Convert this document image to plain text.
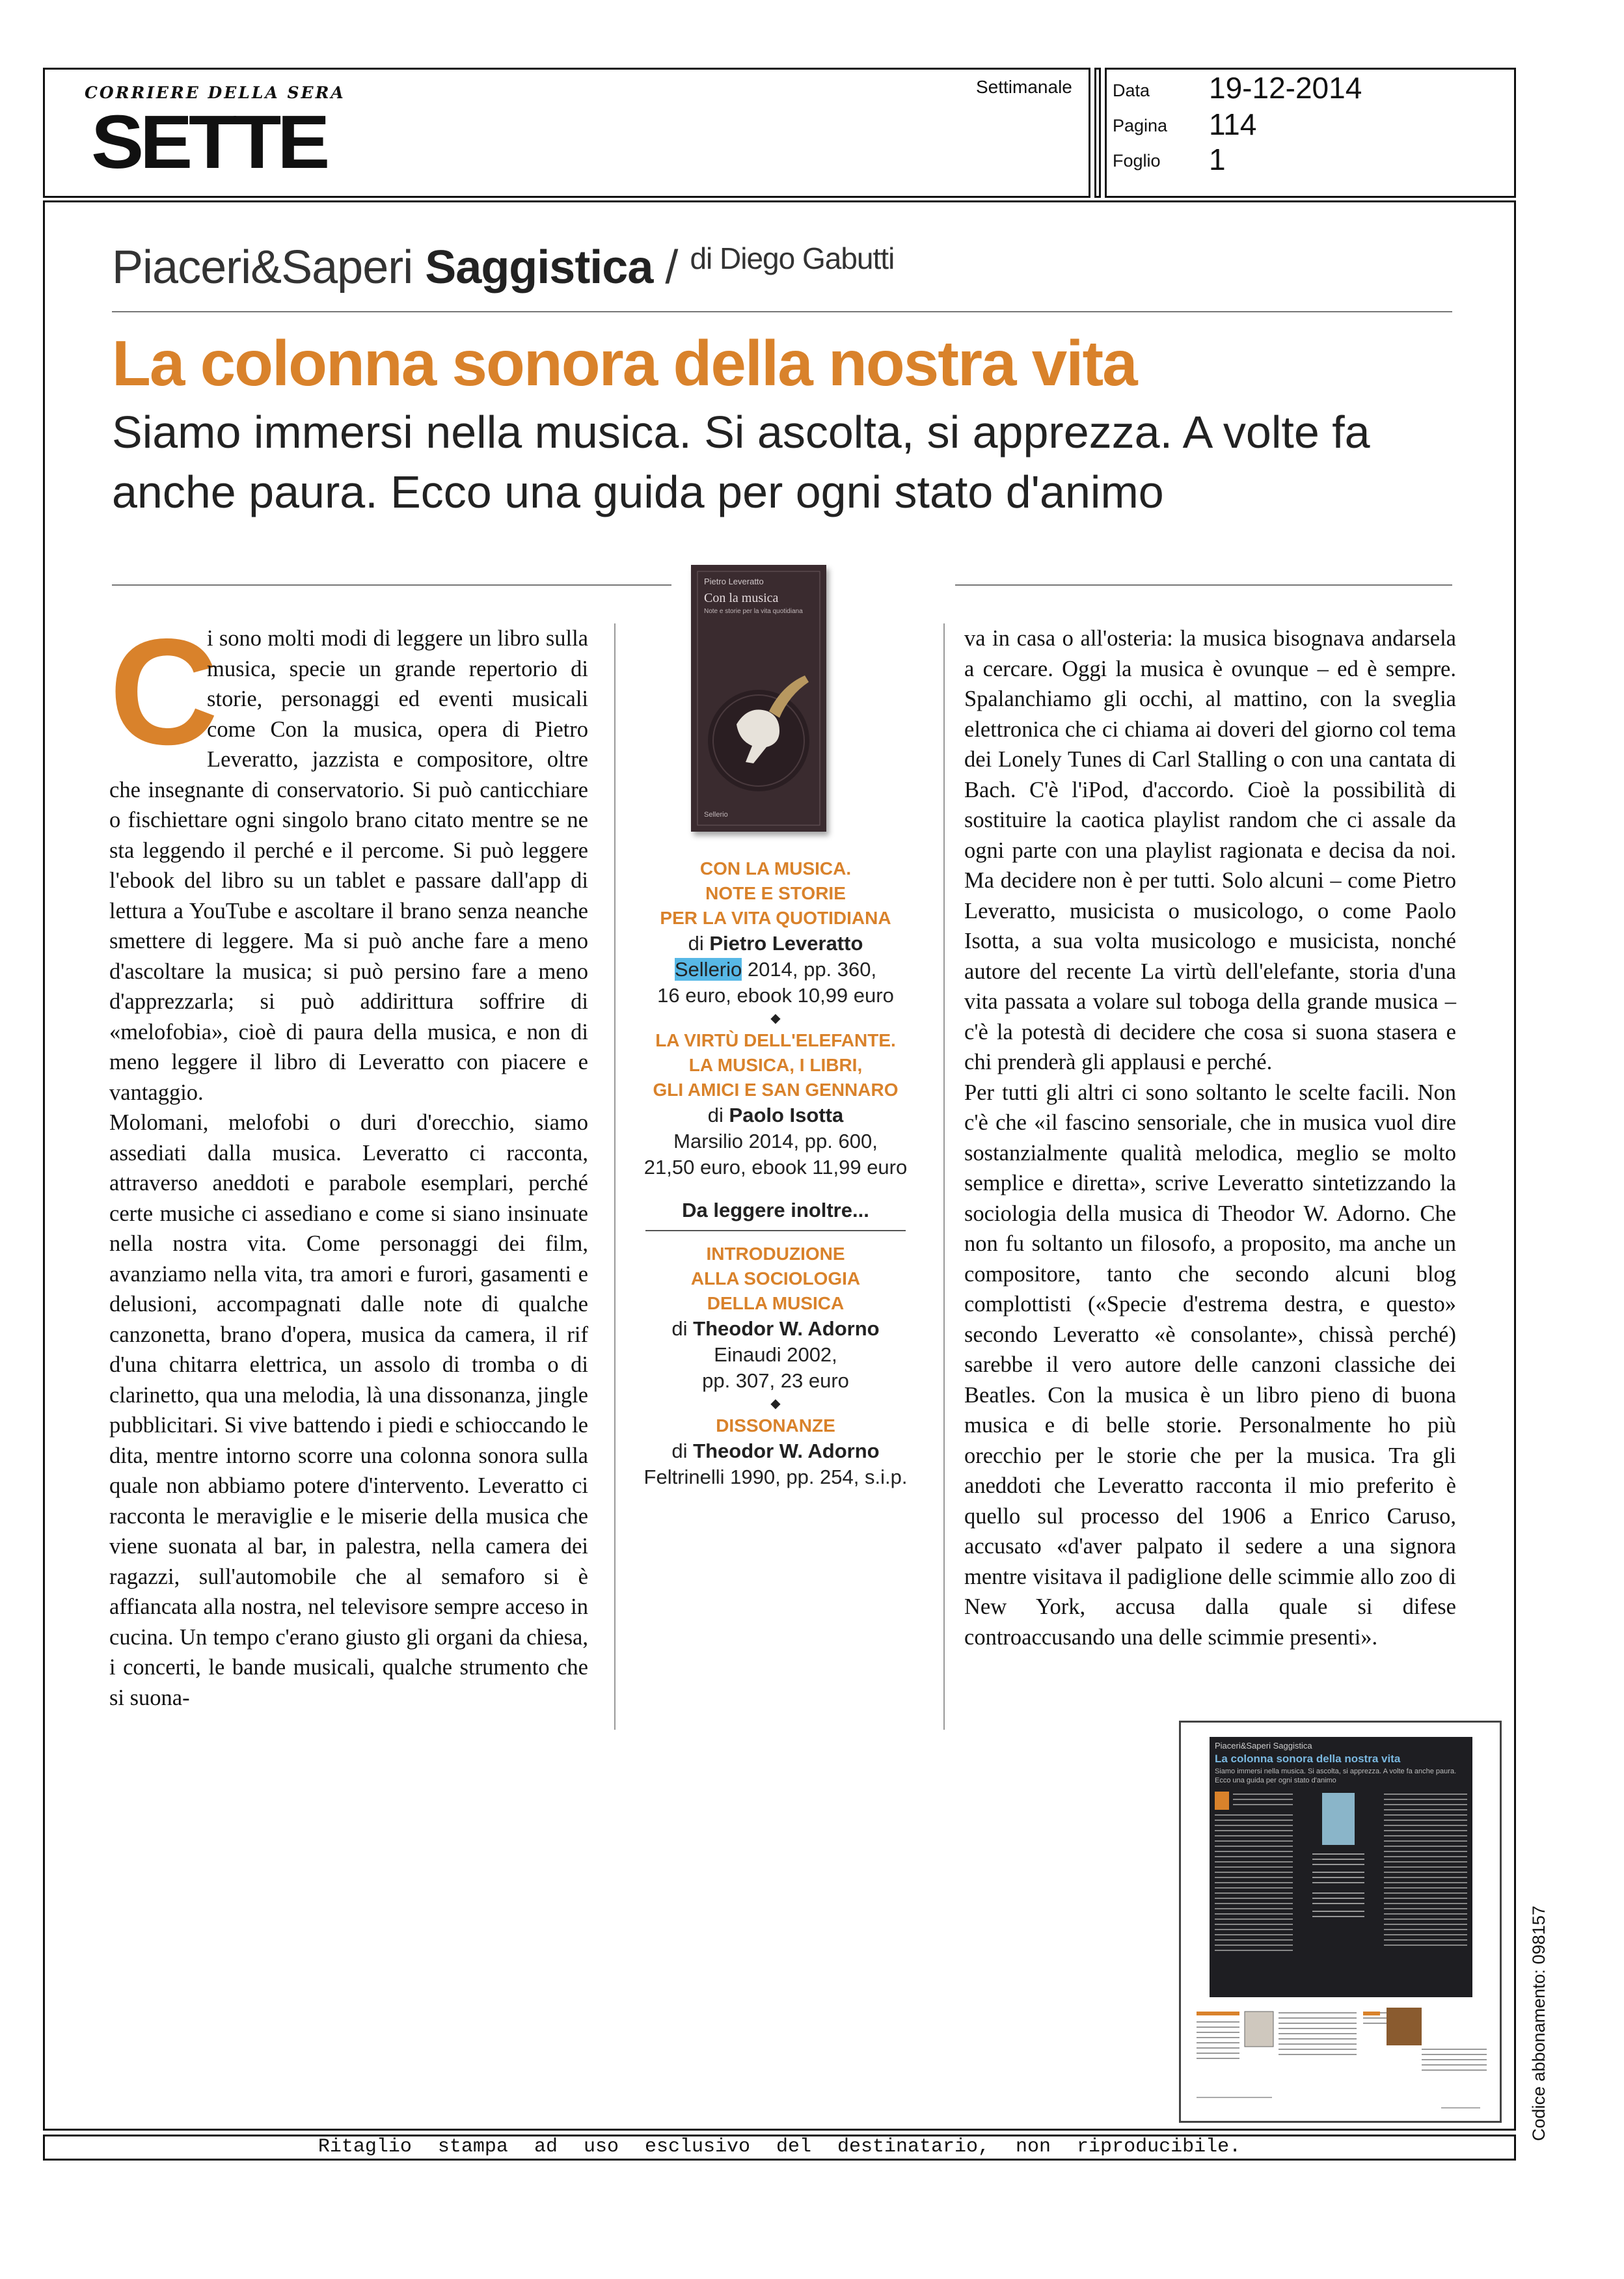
CORRIERE DELLA SERA
SETTE
Settimanale Data 19-12-2014
Pagina 114
Foglio 1
Piaceri&Saperi Saggistica / $^{di Diego Gabutti}$
La colonna sonora della nostra vita
Siamo immersi nella musica. Si ascolta, si apprezza. A volte fa anche paura. Ecco una guida per ogni stato d'animo
C

i sono molti modi di leggere un libro sulla musica, specie un grande repertorio di storie, personaggi ed eventi musicali come Con la musica, opera di Pietro Leveratto, jazzista e compositore, oltre che insegnante di conservatorio. Si può canticchiare o fischiettare ogni singolo brano citato mentre se ne sta leggendo il perché e il percome. Si può leggere l'ebook del libro su un tablet e passare dall'app di lettura a YouTube e ascoltare il brano senza neanche smettere di leggere. Ma si può anche fare a meno d'ascoltare la musica; si può persino fare a meno d'apprezzarla; si può addirittura soffrire di «melofobia», cioè di paura della musica, e non di meno leggere il libro di Leveratto con piacere e vantaggio.

Molomani, melofobi o duri d'orecchio, siamo assediati dalla musica. Leveratto ci racconta, attraverso aneddoti e parabole esemplari, perché certe musiche ci assediano e come si siano insinuate nella nostra vita. Come personaggi dei film, avanziamo nella vita, tra amori e furori, gasamenti e delusioni, accompagnati dalle note di qualche canzonetta, brano d'opera, musica da camera, il rif d'una chitarra elettrica, un assolo di tromba o di clarinetto, qua una melodia, là una dissonanza, jingle pubblicitari. Si vive battendo i piedi e schioccando le dita, mentre intorno scorre una colonna sonora sulla quale non abbiamo potere d'intervento. Leveratto ci racconta le meraviglie e le miserie della musica che viene suonata al bar, in palestra, nella camera dei ragazzi, sull'automobile che al semaforo si è affiancata alla nostra, nel televisore sempre acceso in cucina. Un tempo c'erano giusto gli organi da chiesa, i concerti, le bande musicali, qualche strumento che si suona-

Pietro Leveratto
Con la musica
Note e storie per la vita quotidiana
Sellerio
CON LA MUSICA.
NOTE E STORIE
PER LA VITA QUOTIDIANA
di Pietro Leveratto
Sellerio 2014, pp. 360,
16 euro, ebook 10,99 euro
◆
LA VIRTÙ DELL'ELEFANTE.
LA MUSICA, I LIBRI,
GLI AMICI E SAN GENNARO
di Paolo Isotta
Marsilio 2014, pp. 600,
21,50 euro, ebook 11,99 euro
Da leggere inoltre...
INTRODUZIONE
ALLA SOCIOLOGIA
DELLA MUSICA
di Theodor W. Adorno
Einaudi 2002,
pp. 307, 23 euro
◆
DISSONANZE
di Theodor W. Adorno
Feltrinelli 1990, pp. 254, s.i.p.

va in casa o all'osteria: la musica bisognava andarsela a cercare. Oggi la musica è ovunque – ed è sempre. Spalanchiamo gli occhi, al mattino, con la sveglia elettronica che ci chiama ai doveri del giorno col tema dei Lonely Tunes di Carl Stalling o con una cantata di Bach. C'è l'iPod, d'accordo. Cioè la possibilità di sostituire la caotica playlist random che ci assale da ogni parte con una playlist ragionata e decisa da noi. Ma decidere non è per tutti. Solo alcuni – come Pietro Leveratto, musicista o musicologo, o come Paolo Isotta, a sua volta musicologo e musicista, nonché autore del recente La virtù dell'elefante, storia d'una vita passata a volare sul toboga della grande musica – c'è la potestà di decidere che cosa si suona stasera e chi prenderà gli applausi e perché.

Per tutti gli altri ci sono soltanto le scelte facili. Non c'è che «il fascino sensoriale, che in musica vuol dire sostanzialmente qualità melodica, meglio se molto semplice e diretta», scrive Leveratto sintetizzando la sociologia della musica di Theodor W. Adorno. Che non fu soltanto un filosofo, a proposito, ma anche un compositore, tanto che secondo alcuni blog complottisti («Specie d'estrema destra, e questo» secondo Leveratto «è consolante», chissà perché) sarebbe il vero autore delle canzoni classiche dei Beatles. Con la musica è un libro pieno di buona musica e di belle storie. Personalmente ho più orecchio per le storie che per la musica. Tra gli aneddoti che Leveratto racconta il mio preferito è quello sul processo del 1906 a Enrico Caruso, accusato «d'aver palpato il sedere a una signora mentre visitava il padiglione delle scimmie allo zoo di New York, accusa dalla quale si difese controaccusando una delle scimmie presenti».

Piaceri&Saperi Saggistica
La colonna sonora della nostra vita
Siamo immersi nella musica. Si ascolta, si apprezza. A volte fa anche paura. Ecco una guida per ogni stato d'animo
Ritaglio stampa ad uso esclusivo del destinatario, non riproducibile.
Codice abbonamento: 098157
